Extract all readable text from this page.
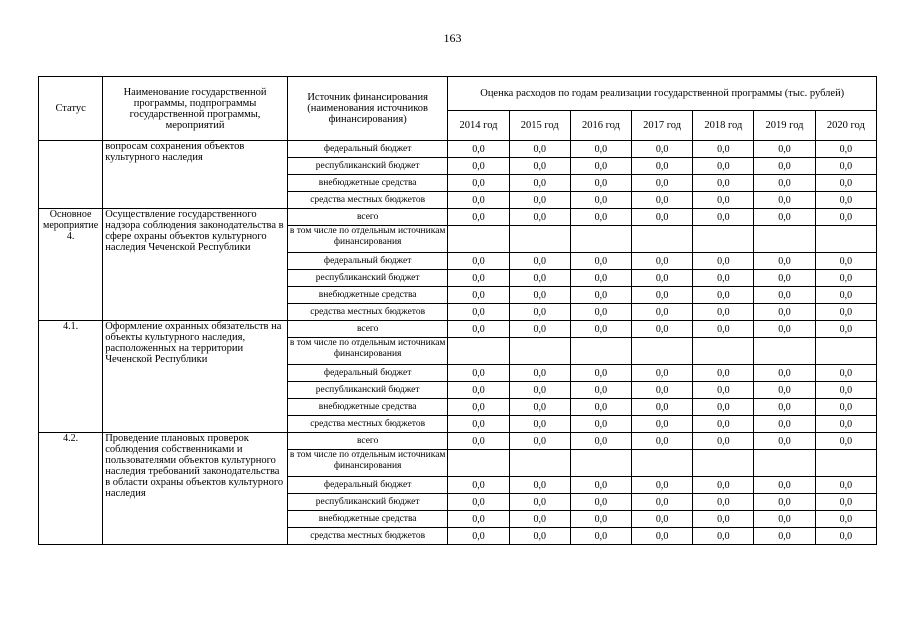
163
Статус	Наименование государственной программы, подпрограммы государственной программы, мероприятий	Источник финансирования (наименования источников финансирования)	Оценка расходов по годам реализации государственной программы (тыс. рублей)						
			2014 год	2015 год	2016 год	2017 год	2018 год	2019 год	2020 год
	вопросам сохранения объектов культурного наследия	федеральный бюджет	0,0	0,0	0,0	0,0	0,0	0,0	0,0
		республиканский бюджет	0,0	0,0	0,0	0,0	0,0	0,0	0,0
		внебюджетные средства	0,0	0,0	0,0	0,0	0,0	0,0	0,0
		средства местных бюджетов	0,0	0,0	0,0	0,0	0,0	0,0	0,0
Основное мероприятие 4.	Осуществление государственного надзора соблюдения законодательства в сфере охраны объектов культурного наследия Чеченской Республики	всего	0,0	0,0	0,0	0,0	0,0	0,0	0,0
		в том числе по отдельным источникам финансирования							
		федеральный бюджет	0,0	0,0	0,0	0,0	0,0	0,0	0,0
		республиканский бюджет	0,0	0,0	0,0	0,0	0,0	0,0	0,0
		внебюджетные средства	0,0	0,0	0,0	0,0	0,0	0,0	0,0
		средства местных бюджетов	0,0	0,0	0,0	0,0	0,0	0,0	0,0
4.1.	Оформление охранных обязательств на объекты культурного наследия, расположенных на территории Чеченской Республики	всего	0,0	0,0	0,0	0,0	0,0	0,0	0,0
		в том числе по отдельным источникам финансирования							
		федеральный бюджет	0,0	0,0	0,0	0,0	0,0	0,0	0,0
		республиканский бюджет	0,0	0,0	0,0	0,0	0,0	0,0	0,0
		внебюджетные средства	0,0	0,0	0,0	0,0	0,0	0,0	0,0
		средства местных бюджетов	0,0	0,0	0,0	0,0	0,0	0,0	0,0
4.2.	Проведение плановых проверок соблюдения собственниками и пользователями объектов культурного наследия требований законодательства в области охраны объектов культурного наследия	всего	0,0	0,0	0,0	0,0	0,0	0,0	0,0
		в том числе по отдельным источникам финансирования							
		федеральный бюджет	0,0	0,0	0,0	0,0	0,0	0,0	0,0
		республиканский бюджет	0,0	0,0	0,0	0,0	0,0	0,0	0,0
		внебюджетные средства	0,0	0,0	0,0	0,0	0,0	0,0	0,0
		средства местных бюджетов	0,0	0,0	0,0	0,0	0,0	0,0	0,0
